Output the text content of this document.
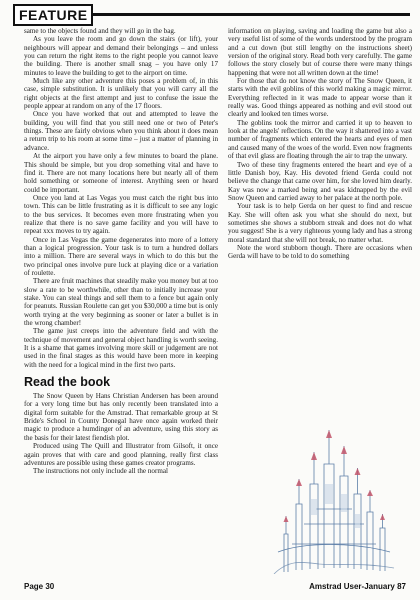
FEATURE

same to the objects found and they will go in the bag.

As you leave the room and go down the stairs (or lift), your neighbours will appear and demand their belongings – and unless you can return the right items to the right people you cannot leave the building. There is another small snag – you have only 17 minutes to leave the building to get to the airport on time.

Much like any other adventure this poses a problem of, in this case, simple substitution. It is unlikely that you will carry all the right objects at the first attempt and just to confuse the issue the people appear at random on any of the 17 floors.

Once you have worked that out and attempted to leave the building, you will find that you still need one or two of Peter's things. These are fairly obvious when you think about it does mean a return trip to his room at some time – just a matter of planning in advance.

At the airport you have only a few minutes to board the plane. This should be simple, but you drop something vital and have to find it. There are not many locations here but nearly all of them hold something or someone of interest. Anything seen or heard could be important.

Once you land at Las Vegas you must catch the right bus into town. This can be little frustrating as it is difficult to see any logic to the bus services. It becomes even more frustrating when you realize that there is no save game facility and you will have to repeat xxx moves to try again.

Once in Las Vegas the game degenerates into more of a lottery than a logical progression. Your task is to turn a hundred dollars into a million. There are several ways in which to do this but the two principal ones involve pure luck at playing dice or a variation of roulette.

There are fruit machines that steadily make you money but at too slow a rate to be worthwhile, other than to initially increase your stake. You can steal things and sell them to a fence but again only for peanuts. Russian Roulette can get you $30,000 a time but is only worth trying at the very beginning as sooner or later a bullet is in the wrong chamber!

The game just creeps into the adventure field and with the technique of movement and general object handling is worth seeing. It is a shame that games involving more skill or judgement are not used in the final stages as this would have been more in keeping with the need for a logical mind in the first two parts.

Read the book

The Snow Queen by Hans Christian Andersen has been around for a very long time but has only recently been translated into a digital form suitable for the Amstrad. That remarkable group at St Bride's School in County Donegal have once again worked their magic to produce a humdinger of an adventure, using this story as the basis for their latest fiendish plot.

Produced using The Quill and Illustrator from Gilsoft, it once again proves that with care and good planning, really first class adventures are possible using these games creator programs.

The instructions not only include all the normal

information on playing, saving and loading the game but also a very useful list of some of the words understood by the program and a cut down (but still lengthy on the instructions sheet) version of the original story. Read both very carefully. The game follows the story closely but of course there were many things happening that were not all written down at the time!

For those that do not know the story of The Snow Queen, it starts with the evil goblins of this world making a magic mirror. Everything reflected in it was made to appear worse than it really was. Good things appeared as nothing and evil stood out clearly and looked ten times worse.

The goblins took the mirror and carried it up to heaven to look at the angels' reflections. On the way it shattered into a vast number of fragments which entered the hearts and eyes of men and caused many of the woes of the world. Even now fragments of that evil glass are floating through the air to trap the unwary.

Two of these tiny fragments entered the heart and eye of a little Danish boy, Kay. His devoted friend Gerda could not believe the change that came over him, for she loved him dearly. Kay was now a marked being and was kidnapped by the evil Snow Queen and carried away to her palace at the north pole.

Your task is to help Gerda on her quest to find and rescue Kay. She will often ask you what she should do next, but sometimes she shows a stubborn streak and does not do what you suggest! She is a very righteous young lady and has a strong moral standard that she will not break, no matter what.

Note the word stubborn though. There are occasions when Gerda will have to be told to do something

Page 30	Amstrad User-January 87
